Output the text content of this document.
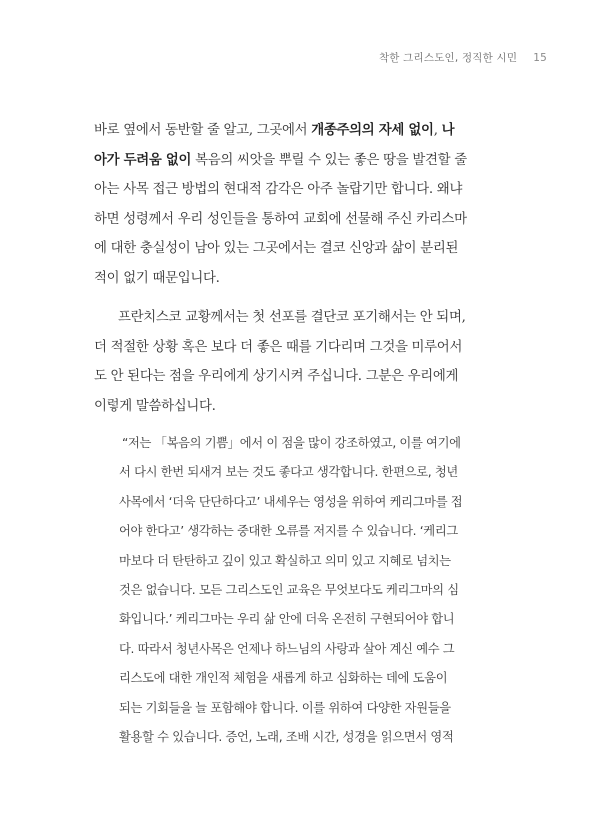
착한 그리스도인, 정직한 시민 15
바로 옆에서 동반할 줄 알고, 그곳에서 개종주의의 자세 없이, 나
아가 두려움 없이 복음의 씨앗을 뿌릴 수 있는 좋은 땅을 발견할 줄
아는 사목 접근 방법의 현대적 감각은 아주 놀랍기만 합니다. 왜냐
하면 성령께서 우리 성인들을 통하여 교회에 선물해 주신 카리스마
에 대한 충실성이 남아 있는 그곳에서는 결코 신앙과 삶이 분리된
적이 없기 때문입니다.
프란치스코 교황께서는 첫 선포를 결단코 포기해서는 안 되며,
더 적절한 상황 혹은 보다 더 좋은 때를 기다리며 그것을 미루어서
도 안 된다는 점을 우리에게 상기시켜 주십니다. 그분은 우리에게
이렇게 말씀하십니다.
“저는 「복음의 기쁨」에서 이 점을 많이 강조하였고, 이를 여기에
서 다시 한번 되새겨 보는 것도 좋다고 생각합니다. 한편으로, 청년
사목에서 ‘더욱 단단하다고’ 내세우는 영성을 위하여 케리그마를 접
어야 한다고’ 생각하는 중대한 오류를 저지를 수 있습니다. ‘케리그
마보다 더 탄탄하고 깊이 있고 확실하고 의미 있고 지혜로 넘치는
것은 없습니다. 모든 그리스도인 교육은 무엇보다도 케리그마의 심
화입니다.’ 케리그마는 우리 삶 안에 더욱 온전히 구현되어야 합니
다. 따라서 청년사목은 언제나 하느님의 사랑과 살아 계신 예수 그
리스도에 대한 개인적 체험을 새롭게 하고 심화하는 데에 도움이
되는 기회들을 늘 포함해야 합니다. 이를 위하여 다양한 자원들을
활용할 수 있습니다. 증언, 노래, 조배 시간, 성경을 읽으면서 영적
